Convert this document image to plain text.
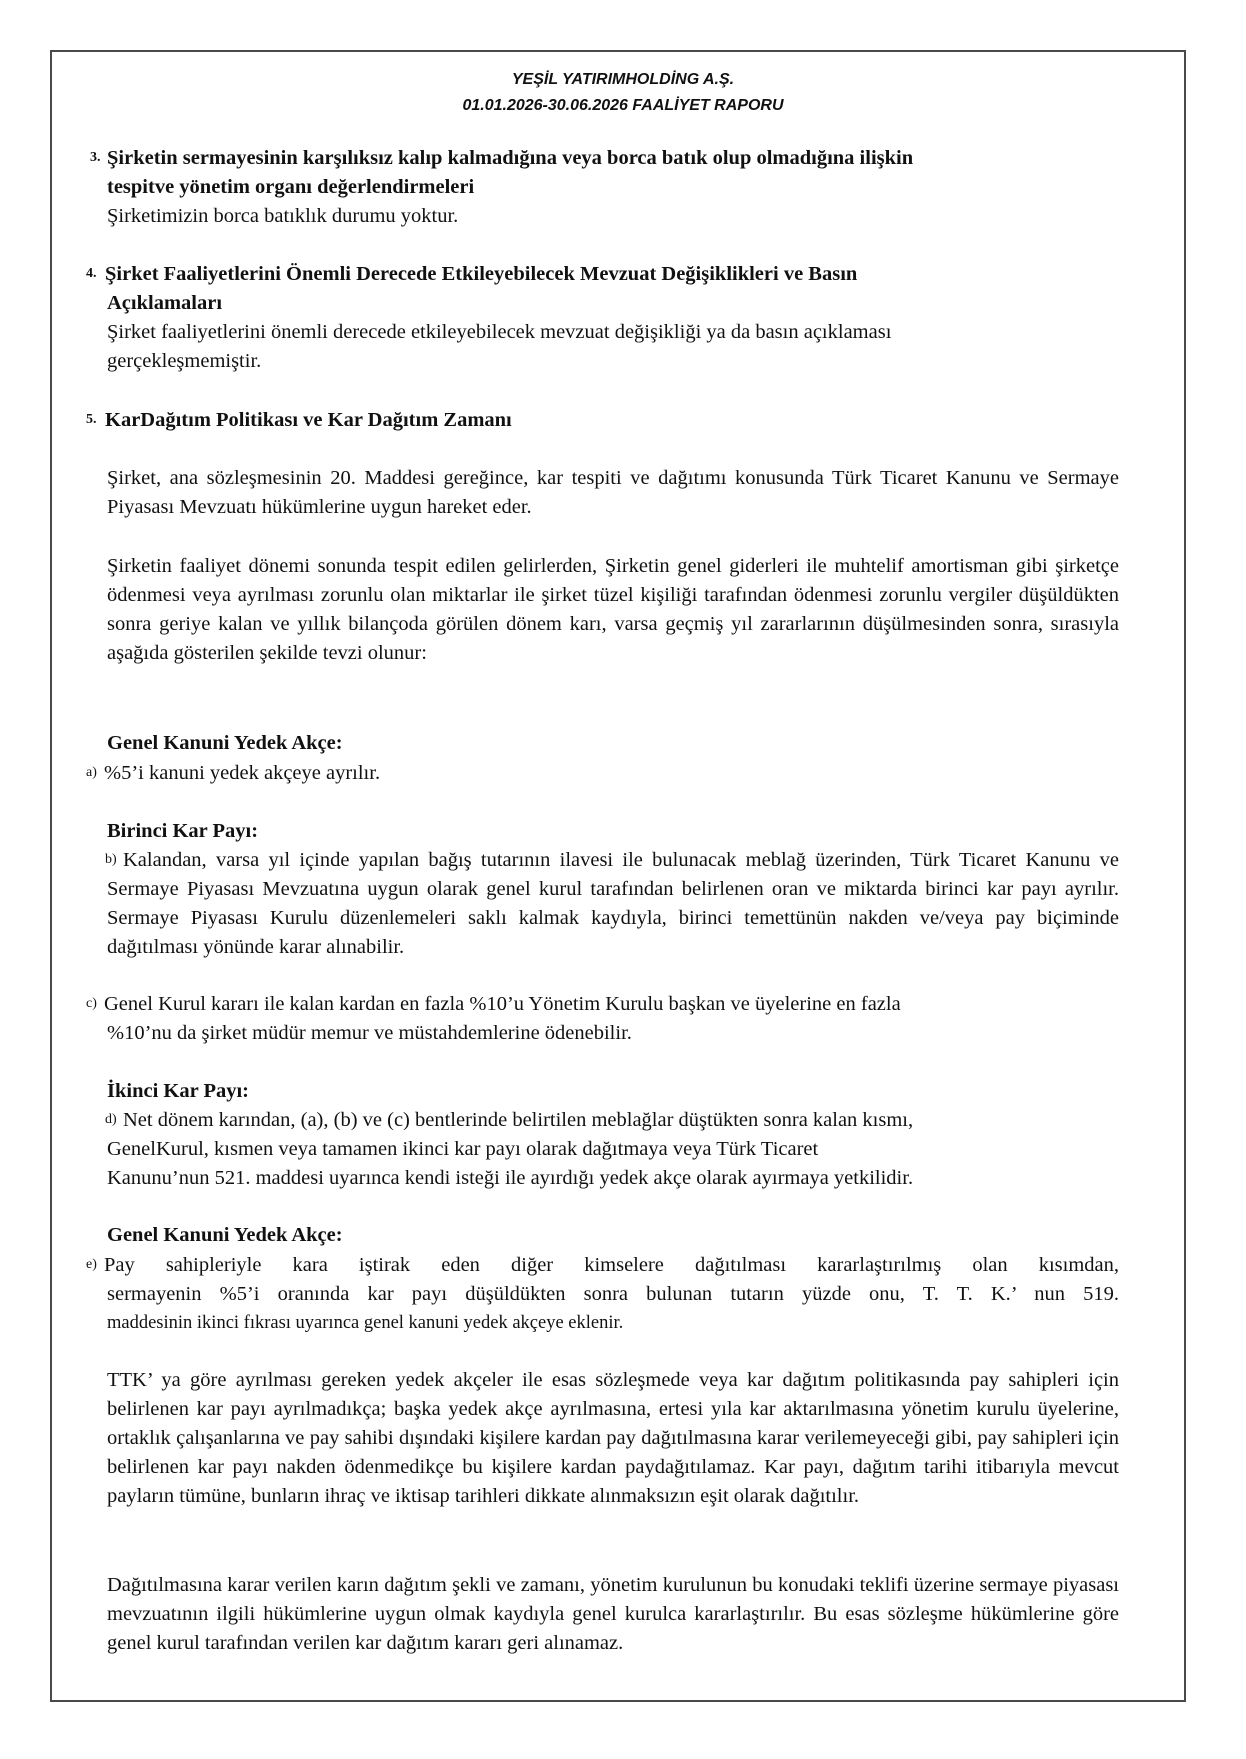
YEŞİL YATIRIMHOLDİNG A.Ş.
01.01.2026-30.06.2026 FAALİYET RAPORU
3. Şirketin sermayesinin karşılıksız kalıp kalmadığına veya borca batık olup olmadığına ilişkin
tespitve yönetim organı değerlendirmeleri
Şirketimizin borca batıklık durumu yoktur.
4. Şirket Faaliyetlerini Önemli Derecede Etkileyebilecek Mevzuat Değişiklikleri ve Basın
Açıklamaları
Şirket faaliyetlerini önemli derecede etkileyebilecek mevzuat değişikliği ya da basın açıklaması
gerçekleşmemiştir.
5. KarDağıtım Politikası ve Kar Dağıtım Zamanı
Şirket, ana sözleşmesinin 20. Maddesi gereğince, kar tespiti ve dağıtımı konusunda Türk Ticaret Kanunu ve Sermaye Piyasası Mevzuatı hükümlerine uygun hareket eder.
Şirketin faaliyet dönemi sonunda tespit edilen gelirlerden, Şirketin genel giderleri ile muhtelif amortisman gibi şirketçe ödenmesi veya ayrılması zorunlu olan miktarlar ile şirket tüzel kişiliği tarafından ödenmesi zorunlu vergiler düşüldükten sonra geriye kalan ve yıllık bilançoda görülen dönem karı, varsa geçmiş yıl zararlarının düşülmesinden sonra, sırasıyla aşağıda gösterilen şekilde tevzi olunur:
Genel Kanuni Yedek Akçe:
a) %5’i kanuni yedek akçeye ayrılır.
Birinci Kar Payı:
b) Kalandan, varsa yıl içinde yapılan bağış tutarının ilavesi ile bulunacak meblağ üzerinden, Türk Ticaret Kanunu ve Sermaye Piyasası Mevzuatına uygun olarak genel kurul tarafından belirlenen oran ve miktarda birinci kar payı ayrılır. Sermaye Piyasası Kurulu düzenlemeleri saklı kalmak kaydıyla, birinci temettünün nakden ve/veya pay biçiminde dağıtılması yönünde karar alınabilir.
c) Genel Kurul kararı ile kalan kardan en fazla %10’u Yönetim Kurulu başkan ve üyelerine en fazla
%10’nu da şirket müdür memur ve müstahdemlerine ödenebilir.
İkinci Kar Payı:
d) Net dönem karından, (a), (b) ve (c) bentlerinde belirtilen meblağlar düştükten sonra kalan kısmı,
GenelKurul, kısmen veya tamamen ikinci kar payı olarak dağıtmaya veya Türk Ticaret
Kanunu’nun 521. maddesi uyarınca kendi isteği ile ayırdığı yedek akçe olarak ayırmaya yetkilidir.
Genel Kanuni Yedek Akçe:
e) Pay sahipleriyle kara iştirak eden diğer kimselere dağıtılması kararlaştırılmış olan kısımdan,
sermayenin %5’i oranında kar payı düşüldükten sonra bulunan tutarın yüzde onu, T. T. K.’ nun 519.
maddesinin ikinci fıkrası uyarınca genel kanuni yedek akçeye eklenir.
TTK’ ya göre ayrılması gereken yedek akçeler ile esas sözleşmede veya kar dağıtım politikasında pay sahipleri için belirlenen kar payı ayrılmadıkça; başka yedek akçe ayrılmasına, ertesi yıla kar aktarılmasına yönetim kurulu üyelerine, ortaklık çalışanlarına ve pay sahibi dışındaki kişilere kardan pay dağıtılmasına karar verilemeyeceği gibi, pay sahipleri için belirlenen kar payı nakden ödenmedikçe bu kişilere kardan paydağıtılamaz. Kar payı, dağıtım tarihi itibarıyla mevcut payların tümüne, bunların ihraç ve iktisap tarihleri dikkate alınmaksızın eşit olarak dağıtılır.
Dağıtılmasına karar verilen karın dağıtım şekli ve zamanı, yönetim kurulunun bu konudaki teklifi üzerine sermaye piyasası mevzuatının ilgili hükümlerine uygun olmak kaydıyla genel kurulca kararlaştırılır. Bu esas sözleşme hükümlerine göre genel kurul tarafından verilen kar dağıtım kararı geri alınamaz.
